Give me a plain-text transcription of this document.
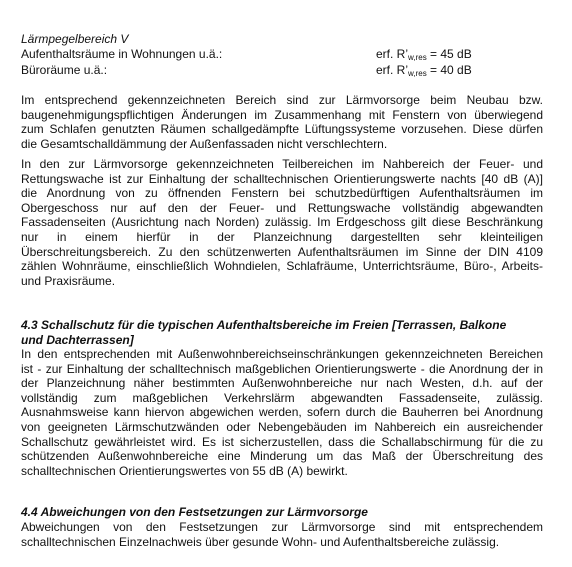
Lärmpegelbereich V
Aufenthaltsräume in Wohnungen u.ä.:	erf. $R’_{w,res} = 45$ dB
Büroräume u.ä.:	erf. $R’_{w,res} = 40$ dB

Im entsprechend gekennzeichneten Bereich sind zur Lärmvorsorge beim Neubau bzw.
baugenehmigungspflichtigen Änderungen im Zusammenhang mit Fenstern von überwiegend
zum Schlafen genutzten Räumen schallgedämpfte Lüftungssysteme vorzusehen. Diese dürfen
die Gesamtschalldämmung der Außenfassaden nicht verschlechtern.

In den zur Lärmvorsorge gekennzeichneten Teilbereichen im Nahbereich der Feuer- und
Rettungswache ist zur Einhaltung der schalltechnischen Orientierungswerte nachts [40 dB (A)]
die Anordnung von zu öffnenden Fenstern bei schutzbedürftigen Aufenthaltsräumen im
Obergeschoss nur auf den der Feuer- und Rettungswache vollständig abgewandten
Fassadenseiten (Ausrichtung nach Norden) zulässig. Im Erdgeschoss gilt diese Beschränkung
nur in einem hierfür in der Planzeichnung dargestellten sehr kleinteiligen
Überschreitungsbereich. Zu den schützenwerten Aufenthaltsräumen im Sinne der DIN 4109
zählen Wohnräume, einschließlich Wohndielen, Schlafräume, Unterrichtsräume, Büro-, Arbeits-
und Praxisräume.

4.3 Schallschutz für die typischen Aufenthaltsbereiche im Freien [Terrassen, Balkone
und Dachterrassen]

In den entsprechenden mit Außenwohnbereichseinschränkungen gekennzeichneten Bereichen
ist - zur Einhaltung der schalltechnisch maßgeblichen Orientierungswerte - die Anordnung der in
der Planzeichnung näher bestimmten Außenwohnbereiche nur nach Westen, d.h. auf der
vollständig zum maßgeblichen Verkehrslärm abgewandten Fassadenseite, zulässig.
Ausnahmsweise kann hiervon abgewichen werden, sofern durch die Bauherren bei Anordnung
von geeigneten Lärmschutzwänden oder Nebengebäuden im Nahbereich ein ausreichender
Schallschutz gewährleistet wird. Es ist sicherzustellen, dass die Schallabschirmung für die zu
schützenden Außenwohnbereiche eine Minderung um das Maß der Überschreitung des
schalltechnischen Orientierungswertes von 55 dB (A) bewirkt.

4.4 Abweichungen von den Festsetzungen zur Lärmvorsorge

Abweichungen von den Festsetzungen zur Lärmvorsorge sind mit entsprechendem
schalltechnischen Einzelnachweis über gesunde Wohn- und Aufenthaltsbereiche zulässig.
